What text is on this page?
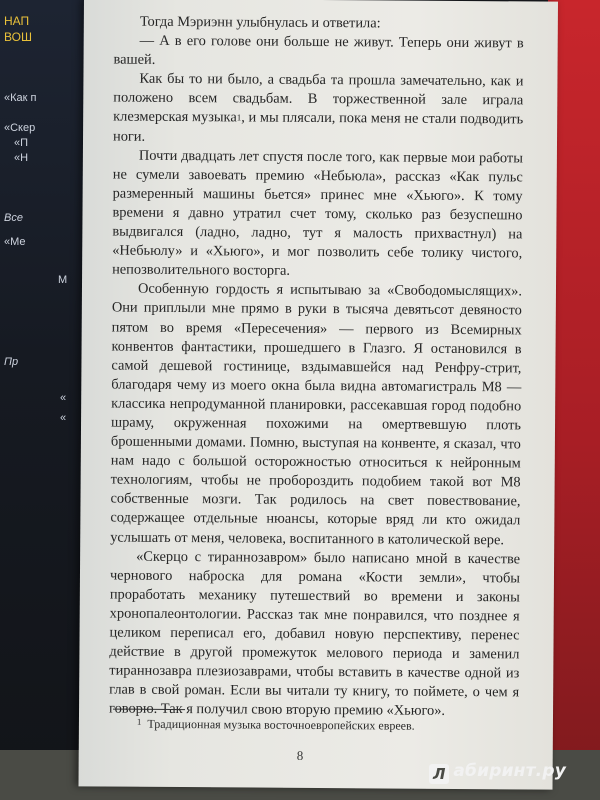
НАП
ВОШ
«Как п
«Скер
«П
«Н
Все
«Ме
М
Пр
«
«

Тогда Мэриэнн улыбнулась и ответила:

— А в его голове они больше не живут. Теперь они живут в вашей.

Как бы то ни было, а свадьба та прошла замечательно, как и положено всем свадьбам. В торжественной зале играла клезмерская музыка$^1$, и мы плясали, пока меня не стали подводить ноги.

Почти двадцать лет спустя после того, как первые мои работы не сумели завоевать премию «Небьюла», рассказ «Как пульс размеренный машины бьется» принес мне «Хьюго». К тому времени я давно утратил счет тому, сколько раз безуспешно выдвигался (ладно, ладно, тут я малость прихвастнул) на «Небьюлу» и «Хьюго», и мог позволить себе толику чистого, непозволительного восторга.

Особенную гордость я испытываю за «Свободомыслящих». Они приплыли мне прямо в руки в тысяча девятьсот девяносто пятом во время «Пересечения» — первого из Всемирных конвентов фантастики, прошедшего в Глазго. Я остановился в самой дешевой гостинице, вздымавшейся над Ренфру-стрит, благодаря чему из моего окна была видна автомагистраль М8 — классика непродуманной планировки, рассекавшая город подобно шраму, окруженная похожими на омертвевшую плоть брошенными домами. Помню, выступая на конвенте, я сказал, что нам надо с большой осторожностью относиться к нейронным технологиям, чтобы не пробороздить подобием такой вот М8 собственные мозги. Так родилось на свет повествование, содержащее отдельные нюансы, которые вряд ли кто ожидал услышать от меня, человека, воспитанного в католической вере.

«Скерцо с тираннозавром» было написано мной в качестве чернового наброска для романа «Кости земли», чтобы проработать механику путешествий во времени и законы хронопалеонтологии. Рассказ так мне понравился, что позднее я целиком переписал его, добавил новую перспективу, перенес действие в другой промежуток мелового периода и заменил тираннозавра плезиозаврами, чтобы вставить в качестве одной из глав в свой роман. Если вы читали ту книгу, то поймете, о чем я говорю. Так я получил свою вторую премию «Хьюго».

$^1$ Традиционная музыка восточноевропейских евреев.
8
Л абиринт.ру
